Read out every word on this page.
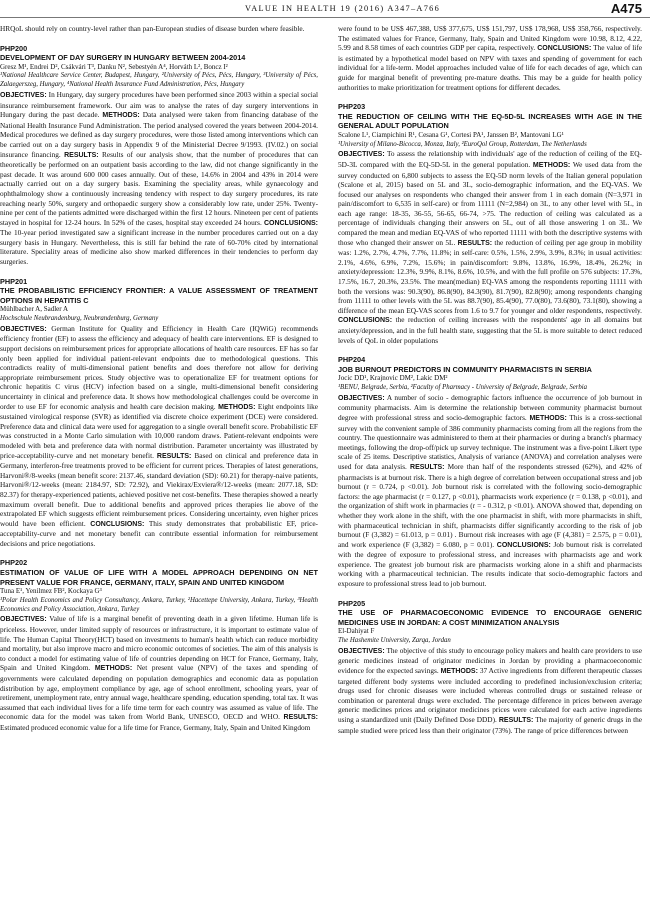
VALUE IN HEALTH 19 (2016) A347–A766	A475

HRQoL should rely on country-level rather than pan-European studies of disease burden where feasible.

PHP200
DEVELOPMENT OF DAY SURGERY IN HUNGARY BETWEEN 2004-2014
Gresz M¹, Endrei D², Csákvári T³, Danku N², Sebestyén A⁴, Horváth L², Boncz I²
¹National Healthcare Service Center, Budapest, Hungary, ²University of Pécs, Pécs, Hungary, ³University of Pécs, Zalaegerszeg, Hungary, ⁴National Health Insurance Fund Administration, Pécs, Hungary
OBJECTIVES: In Hungary, day surgery procedures have been performed since 2003 within a special social insurance reimbursement framework. Our aim was to analyse the rates of day surgery interventions in Hungary during the past decade. METHODS: Data analysed were taken from financing database of the National Health Insurance Fund Administration. The period analysed covered the years between 2004-2014. Medical procedures we defined as day surgery procedures, were those listed among interventions which can be carried out on a day surgery basis in Appendix 9 of the Ministerial Decree 9/1993. (IV.02.) on social insurance financing. RESULTS: Results of our analysis show, that the number of procedures that can theoretically be performed on an outpatient basis according to the law, did not change significantly in the past decade. It was around 600 000 cases annually. Out of these, 14.6% in 2004 and 43% in 2014 were actually carried out on a day surgery basis. Examining the speciality areas, while gynaecology and ophthalmology show a continuously increasing tendency with respect to day surgery procedures, its rate reaching nearly 50%, surgery and orthopaedic surgery show a considerably low rate, under 25%. Twenty-nine per cent of the patients admitted were discharged within the first 12 hours. Nineteen per cent of patients stayed in hospital for 12-24 hours. In 52% of the cases, hospital stay exceeded 24 hours. CONCLUSIONS: The 10-year period investigated saw a significant increase in the number procedures carried out on a day surgery basis in Hungary. Nevertheless, this is still far behind the rate of 60-70% cited by international literature. Speciality areas of medicine also show marked differences in their tendencies to perform day surgeries.
PHP201
THE PROBABILISTIC EFFICIENCY FRONTIER: A VALUE ASSESSMENT OF TREATMENT OPTIONS IN HEPATITIS C
Mühlbacher A, Sadler A
Hochschule Neubrandenburg, Neubrandenburg, Germany
OBJECTIVES: German Institute for Quality and Efficiency in Health Care (IQWiG) recommends efficiency frontier (EF) to assess the efficiency and adequacy of health care interventions. EF is designed to support decisions on reimbursement prices for appropriate allocations of health care resources. EF has so far only been applied for individual patient-relevant endpoints due to methodological questions. This contradicts reality of multi-dimensional patient benefits and does therefore not allow for deriving appropriate reimbursement prices. Study objective was to operationalize EF for treatment options for chronic hepatitis C virus (HCV) infection based on a single, multi-dimensional benefit considering uncertainty in clinical and preference data. It shows how methodological challenges could be overcome in order to use EF for economic analysis and health care decision making. METHODS: Eight endpoints like sustained virological response (SVR) as identified via discrete choice experiment (DCE) were considered. Preference data and clinical data were used for aggregation to a single overall benefit score. Probabilistic EF was constructed in a Monte Carlo simulation with 10,000 random draws. Patient-relevant endpoints were modeled with beta and preference data with normal distribution. Parameter uncertainty was illustrated by price-acceptability-curve and net monetary benefit. RESULTS: Based on clinical and preference data in Germany, interferon-free treatments proved to be efficient for current prices. Therapies of latest generations, Harvoni®/8-weeks (mean benefit score: 2137.46, standard deviation (SD): 60.21) for therapy-naive patients, Harvoni®/12-weeks (mean: 2184.97, SD: 72.92), and Viekirax/Exviera®/12-weeks (mean: 2077.18, SD: 82.37) for therapy-experienced patients, achieved positive net cost-benefits. These therapies showed a nearly maximum overall benefit. Due to additional benefits and approved prices therapies lie above of the extrapolated EF which suggests efficient reimbursement prices. Considering uncertainty, even higher prices would have been efficient. CONCLUSIONS: This study demonstrates that probabilistic EF, price-acceptability-curve and net monetary benefit can contribute essential information for reimbursement decisions and price negotiations.
PHP202
ESTIMATION OF VALUE OF LIFE WITH A MODEL APPROACH DEPENDING ON NET PRESENT VALUE FOR FRANCE, GERMANY, ITALY, SPAIN AND UNITED KINGDOM
Tuna E¹, Yenilmez FB², Kockaya G³
¹Polar Health Economics and Policy Consultancy, Ankara, Turkey, ²Hacettepe University, Ankara, Turkey, ³Health Economics and Policy Association, Ankara, Turkey
OBJECTIVES: Value of life is a marginal benefit of preventing death in a given lifetime. Human life is priceless. However, under limited supply of resources or infrastructure, it is important to estimate value of life. The Human Capital Theory(HCT) based on investments to human's health which can reduce morbidity and mortality, but also improve macro and micro economic outcomes of societies. The aim of this analysis is to conduct a model for estimating value of life of countries depending on HCT for France, Germany, Italy, Spain and United Kingdom. METHODS: Net present value (NPV) of the taxes and spending of governments were calculated depending on population demographics and economic data as population distribution by age, employment compliance by age, age of school enrollment, schooling years, year of retirement, unemployment rate, entry annual wage, healthcare spending, education spending, total tax. It was assumed that each individual lives for a life time term for each country was assumed as value of life. The economic data for the model was taken from World Bank, UNESCO, OECD and WHO. RESULTS: Estimated produced economic value for a life time for France, Germany, Italy, Spain and United Kingdom
were found to be US$ 467,388, US$ 377,675, US$ 151,797, US$ 178,968, US$ 358,766, respectively. The estimated values for France, Germany, Italy, Spain and United Kingdom were 10.98, 8.12, 4.22, 5.99 and 8.58 times of each countries GDP per capita, respectively. CONCLUSIONS: The value of life is estimated by a hypothetical model based on NPV with taxes and spending of government for each individual for a life-term. Model approaches included value of life for each decades of age, which can guide for marginal benefit of preventing pre-mature deaths. This may be a guide for health policy authorities to make prioritization for treatment options for different decades.
PHP203
THE REDUCTION OF CEILING WITH THE EQ-5D-5L INCREASES WITH AGE IN THE GENERAL ADULT POPULATION
Scalone L¹, Ciampichini R¹, Cesana G¹, Cortesi PA¹, Janssen B², Mantovani LG¹
¹University of Milano-Bicocca, Monza, Italy, ²EuroQol Group, Rotterdam, The Netherlands
OBJECTIVES: To assess the relationship with individuals' age of the reduction of ceiling of the EQ-5D-3L compared with the EQ-5D-5L in the general population. METHODS: We used data from the survey conducted on 6,800 subjects to assess the EQ-5D norm levels of the Italian general population (Scalone et al, 2015) based on 5L and 3L, socio-demographic information, and the EQ-VAS. We focused our analyses on respondents who changed their answer from 1 in each domain (N=3,971 in pain/discomfort to 6,535 in self-care) or from 11111 (N=2,984) on 3L, to any other level with 5L, in each age range: 18-35, 36-55, 56-65, 66-74, >75. The reduction of ceiling was calculated as a percentage of individuals changing their answers on 5L, out of all those answering 1 on 3L. We compared the mean and median EQ-VAS of who reported 11111 with both the descriptive systems with those who changed their answer on 5L. RESULTS: the reduction of ceiling per age group in mobility was: 1.2%, 2.7%, 4.7%, 7.7%, 11.8%; in self-care: 0.5%, 1.5%, 2.9%, 3.9%, 8.3%; in usual activities: 2.1%, 4.6%, 6.9%, 7.2%, 15.6%; in pain/discomfort: 9.8%, 13.8%, 16.9%, 18.4%, 26.2%; in anxiety/depression: 12.3%, 9.9%, 8.1%, 8.6%, 10.5%, and with the full profile on 576 subjects: 17.3%, 17.5%, 16.7, 20.3%, 23.5%. The mean(median) EQ-VAS among the respondents reporting 11111 with both the versions was: 90.3(90), 86.8(90), 84.3(90), 81.7(90), 82.8(90); among respondents changing from 11111 to other levels with the 5L was 88.7(90), 85.4(90), 77.0(80), 73.6(80), 73.1(80), showing a difference of the mean EQ-VAS scores from 1.6 to 9.7 for younger and older respondents, respectively. CONCLUSIONS: the reduction of ceiling increases with the respondents' age in all domains but anxiety/depression, and in the full health state, suggesting that the 5L is more suitable to detect reduced levels of QoL in older populations
PHP204
JOB BURNOUT PREDICTORS IN COMMUNITY PHARMACISTS IN SERBIA
Jocic DD¹, Krajnovic DM², Lakic DM²
¹BENU, Belgrade, Serbia, ²Faculty of Pharmacy - University of Belgrade, Belgrade, Serbia
OBJECTIVES: A number of socio - demographic factors influence the occurrence of job burnout in community pharmacists. Aim is determine the relationship between community pharmacist burnout degree with professional stress and socio-demographic factors. METHODS: This is a cross-sectional survey with the convenient sample of 386 community pharmacists coming from all the regions from the country. The questionnaire was administered to them at their pharmacies or during a branch's pharmacy meetings, following the drop-off/pick up survey technique. The instrument was a five-point Likert type scale of 25 items. Descriptive statistics, Analysis of variance (ANOVA) and correlation analyses were used for data analysis. RESULTS: More than half of the respondents stressed (62%), and 42% of pharmacists is at burnout risk. There is a high degree of correlation between occupational stress and job burnout (r = 0.724, p <0.01). Job burnout risk is correlated with the following socio-demographic factors: the age pharmacist (r = 0.127, p <0.01), pharmacists work experience (r = 0.138, p <0.01), and the organization of shift work in pharmacies (r = - 0.312, p <0.01). ANOVA showed that, depending on whether they work alone in the shift, with the one pharmacist in shift, with more pharmacists in shift, with pharmaceutical technician in shift, pharmacists differ significantly according to the risk of job burnout (F (3,382) = 61.013, p = 0.01) . Burnout risk increases with age (F (4,381) = 2.575, p = 0.01), and work experience (F (3,382) = 6.080, p = 0.01). CONCLUSIONS: Job burnout risk is correlated with the degree of exposure to professional stress, and increases with pharmacists age and work experience. The greatest job burnout risk are pharmacists working alone in a shift and pharmacists working with a pharmaceutical technician. The results indicate that socio-demographic factors and exposure to professional stress lead to job burnout.
PHP205
THE USE OF PHARMACOECONOMIC EVIDENCE TO ENCOURAGE GENERIC MEDICINES USE IN JORDAN: A COST MINIMIZATION ANALYSIS
El-Dahiyat F
The Hashemite University, Zarqa, Jordan
OBJECTIVES: The objective of this study to encourage policy makers and health care providers to use generic medicines instead of originator medicines in Jordan by providing a pharmacoeconomic evidence for the expected savings. METHODS: 37 Active ingredients from different therapeutic classes targeted different body systems were included according to predefined inclusion/exclusion criteria; drugs used for chronic diseases were included whereas controlled drugs or sustained release or combination or parenteral drugs were excluded. The percentage difference in prices between average generic medicines prices and originator medicines prices were calculated for each active ingredients using a standardized unit (Daily Defined Dose DDD). RESULTS: The majority of generic drugs in the sample studied were priced less than their originator (73%). The range of price differences between
